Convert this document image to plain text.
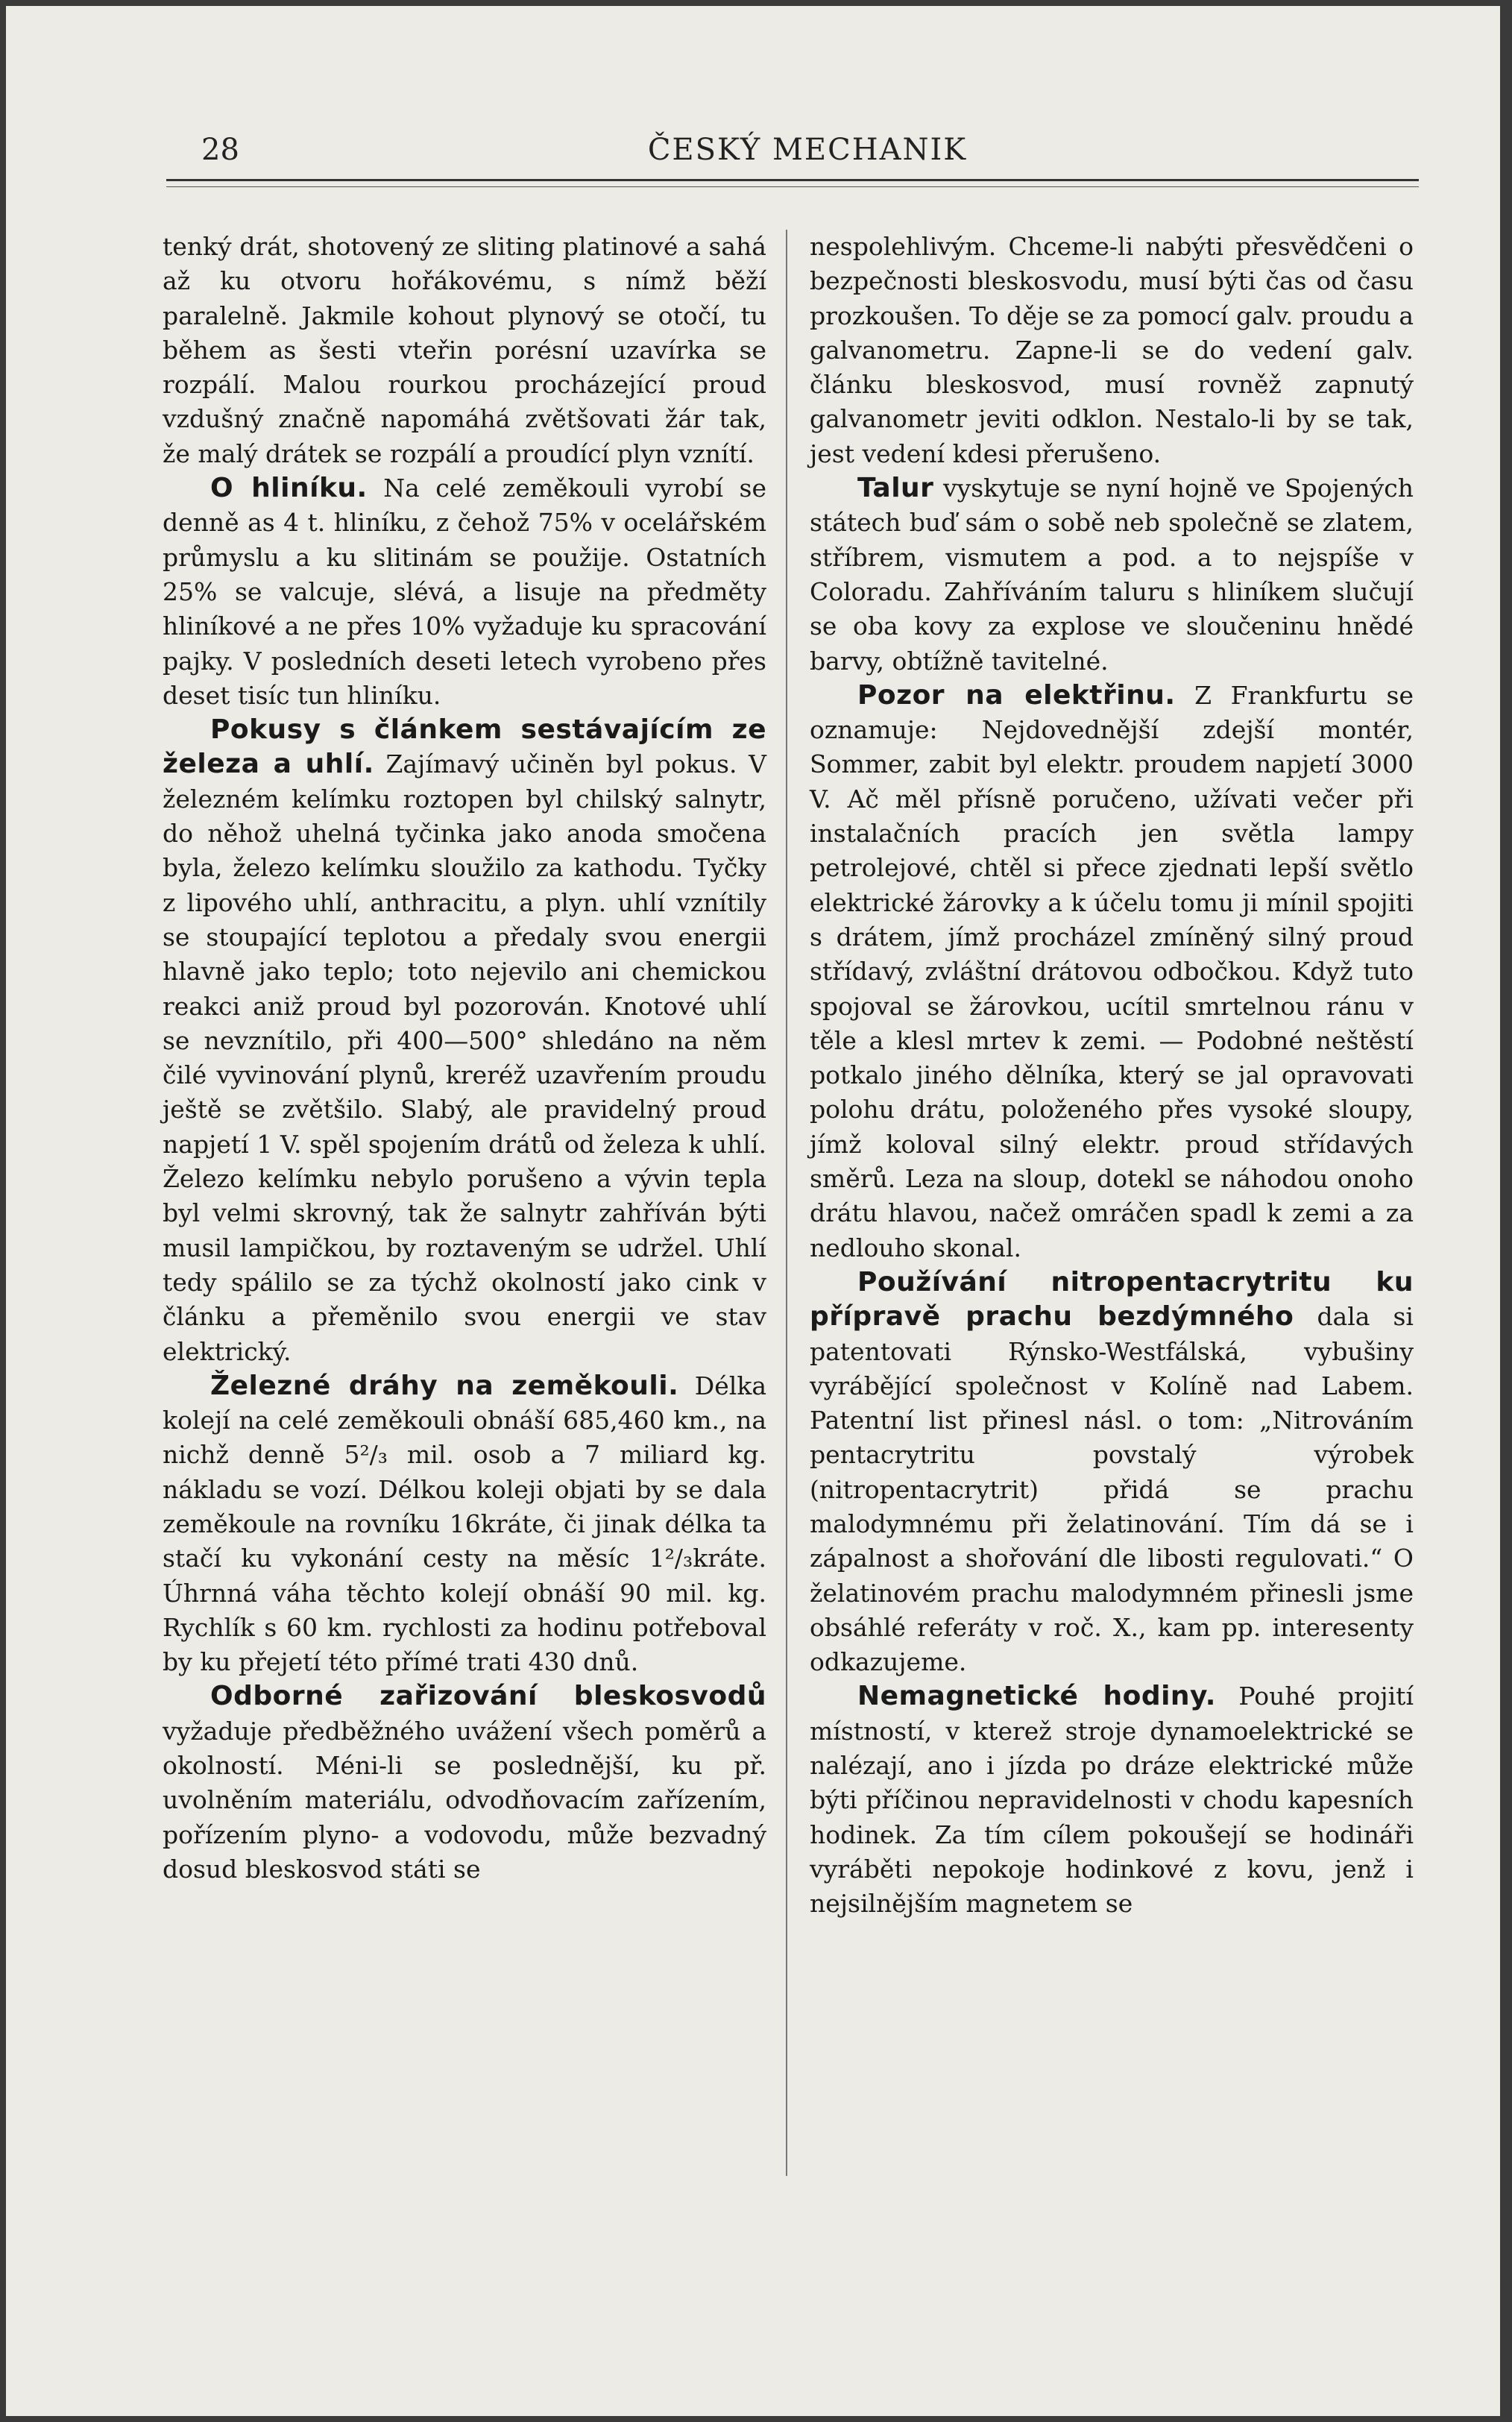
28	ČESKÝ MECHANIK

tenký drát, shotovený ze sliting platinové a sahá až ku otvoru hořákovému, s nímž běží paralelně. Jakmile kohout plynový se otočí, tu během as šesti vteřin porésní uzavírka se rozpálí. Malou rourkou procházející proud vzdušný značně napomáhá zvětšovati žár tak, že malý drátek se rozpálí a proudící plyn vznítí.

O hliníku. Na celé zeměkouli vyrobí se denně as 4 t. hliníku, z čehož 75% v ocelářském průmyslu a ku slitinám se použije. Ostatních 25% se valcuje, slévá, a lisuje na předměty hliníkové a ne přes 10% vyžaduje ku spracování pajky. V posledních deseti letech vyrobeno přes deset tisíc tun hliníku.

Pokusy s článkem sestávajícím ze železa a uhlí. Zajímavý učiněn byl pokus. V železném kelímku roztopen byl chilský salnytr, do něhož uhelná tyčinka jako anoda smočena byla, železo kelímku sloužilo za kathodu. Tyčky z lipového uhlí, anthracitu, a plyn. uhlí vznítily se stoupající teplotou a předaly svou energii hlavně jako teplo; toto nejevilo ani chemickou reakci aniž proud byl pozorován. Knotové uhlí se nevznítilo, při 400—500° shledáno na něm čilé vyvinování plynů, kreréž uzavřením proudu ještě se zvětšilo. Slabý, ale pravidelný proud napjetí 1 V. spěl spojením drátů od železa k uhlí. Železo kelímku nebylo porušeno a vývin tepla byl velmi skrovný, tak že salnytr zahříván býti musil lampičkou, by roztaveným se udržel. Uhlí tedy spálilo se za týchž okolností jako cink v článku a přeměnilo svou energii ve stav elektrický.

Železné dráhy na zeměkouli. Délka kolejí na celé zeměkouli obnáší 685,460 km., na nichž denně 5²/₃ mil. osob a 7 miliard kg. nákladu se vozí. Délkou koleji objati by se dala zeměkoule na rovníku 16kráte, či jinak délka ta stačí ku vykonání cesty na měsíc 1²/₃kráte. Úhrnná váha těchto kolejí obnáší 90 mil. kg. Rychlík s 60 km. rychlosti za hodinu potřeboval by ku přejetí této přímé trati 430 dnů.

Odborné zařizování bleskosvodů vyžaduje předběžného uvážení všech poměrů a okolností. Méni-li se poslednější, ku př. uvolněním materiálu, odvodňovacím zařízením, pořízením plyno- a vodovodu, může bezvadný dosud bleskosvod státi se

nespolehlivým. Chceme-li nabýti přesvědčeni o bezpečnosti bleskosvodu, musí býti čas od času prozkoušen. To děje se za pomocí galv. proudu a galvanometru. Zapne-li se do vedení galv. článku bleskosvod, musí rovněž zapnutý galvanometr jeviti odklon. Nestalo-li by se tak, jest vedení kdesi přerušeno.

Talur vyskytuje se nyní hojně ve Spojených státech buď sám o sobě neb společně se zlatem, stříbrem, vismutem a pod. a to nejspíše v Coloradu. Zahříváním taluru s hliníkem slučují se oba kovy za explose ve sloučeninu hnědé barvy, obtížně tavitelné.

Pozor na elektřinu. Z Frankfurtu se oznamuje: Nejdovednější zdejší montér, Sommer, zabit byl elektr. proudem napjetí 3000 V. Ač měl přísně poručeno, užívati večer při instalačních pracích jen světla lampy petrolejové, chtěl si přece zjednati lepší světlo elektrické žárovky a k účelu tomu ji mínil spojiti s drátem, jímž procházel zmíněný silný proud střídavý, zvláštní drátovou odbočkou. Když tuto spojoval se žárovkou, ucítil smrtelnou ránu v těle a klesl mrtev k zemi. — Podobné neštěstí potkalo jiného dělníka, který se jal opravovati polohu drátu, položeného přes vysoké sloupy, jímž koloval silný elektr. proud střídavých směrů. Leza na sloup, dotekl se náhodou onoho drátu hlavou, načež omráčen spadl k zemi a za nedlouho skonal.

Používání nitropentacrytritu ku přípravě prachu bezdýmného dala si patentovati Rýnsko-Westfálská, vybušiny vyrábějící společnost v Kolíně nad Labem. Patentní list přinesl násl. o tom: „Nitrováním pentacrytritu povstalý výrobek (nitropentacrytrit) přidá se prachu malodymnému při želatinování. Tím dá se i zápalnost a shořování dle libosti regulovati.“ O želatinovém prachu malodymném přinesli jsme obsáhlé referáty v roč. X., kam pp. interesenty odkazujeme.

Nemagnetické hodiny. Pouhé projití místností, v kterež stroje dynamoelektrické se nalézají, ano i jízda po dráze elektrické může býti příčinou nepravidelnosti v chodu kapesních hodinek. Za tím cílem pokoušejí se hodináři vyráběti nepokoje hodinkové z kovu, jenž i nejsilnějším magnetem se
